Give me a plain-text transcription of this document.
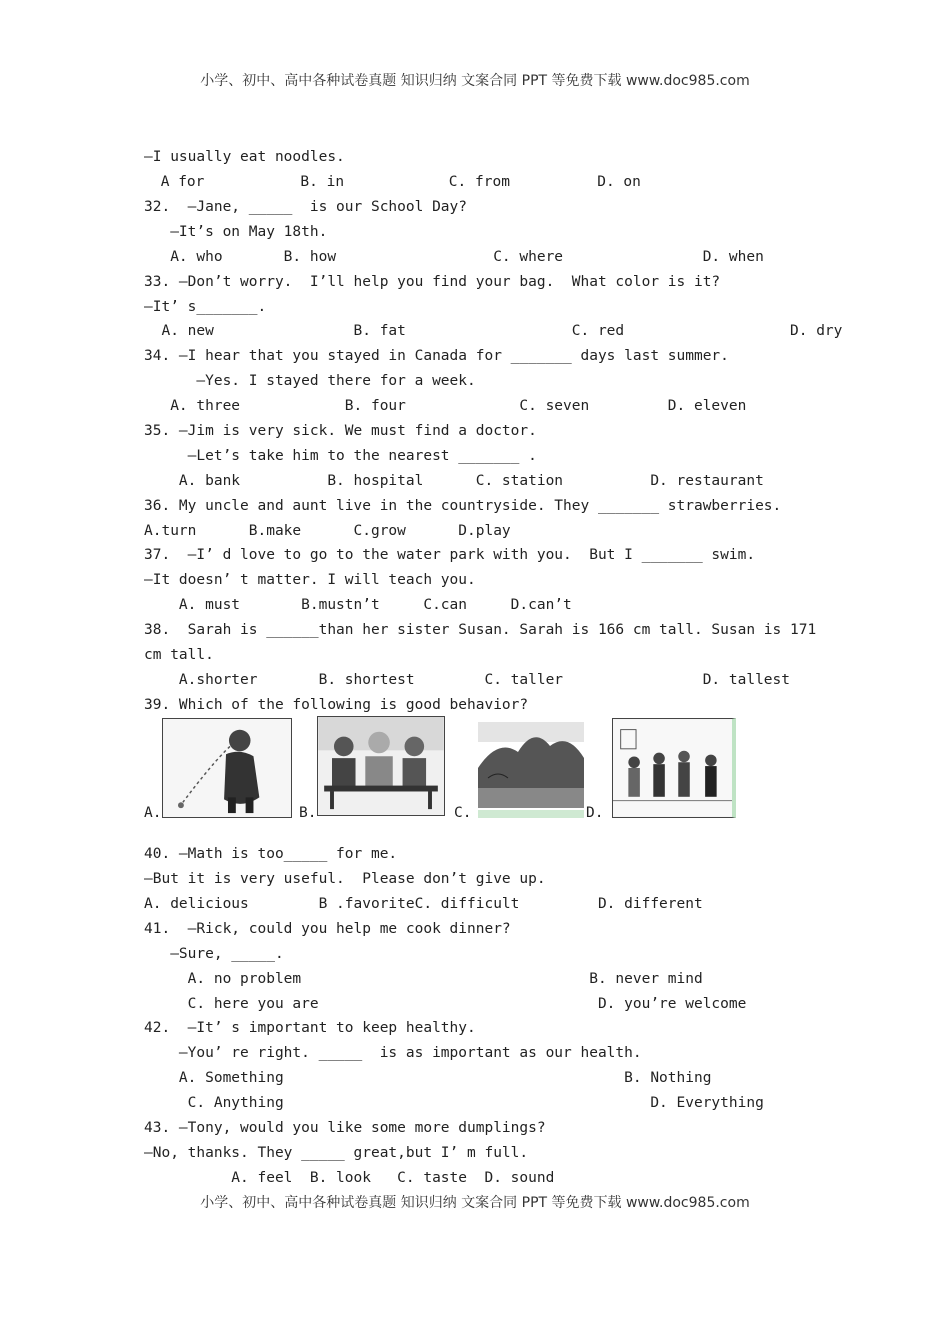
小学、初中、高中各种试卷真题 知识归纳 文案合同 PPT 等免费下载 www.doc985.com
—I usually eat noodles.
A for           B. in            C. from          D. on
32.  —Jane, _____  is our School Day?
—It’s on May 18th.
A. who       B. how                  C. where                D. when
33. —Don’t worry.  I’ll help you find your bag.  What color is it?
—It’ s_______.
A. new                B. fat                   C. red                   D. dry
34. —I hear that you stayed in Canada for _______ days last summer.
—Yes. I stayed there for a week.
A. three            B. four             C. seven         D. eleven
35. —Jim is very sick. We must find a doctor.
—Let’s take him to the nearest _______ .
A. bank          B. hospital      C. station          D. restaurant
36. My uncle and aunt live in the countryside. They _______ strawberries.
A.turn      B.make      C.grow      D.play
37.  —I’ d love to go to the water park with you.  But I _______ swim.
—It doesn’ t matter. I will teach you.
A. must       B.mustn’t     C.can     D.can’t
38.  Sarah is ______than her sister Susan. Sarah is 166 cm tall. Susan is 171
cm tall.
A.shorter       B. shortest        C. taller                D. tallest
39. Which of the following is good behavior?
A.	B.	C.	D.
40. —Math is too_____ for me.
—But it is very useful.  Please don’t give up.
A. delicious        B .favoriteC. difficult         D. different
41.  —Rick, could you help me cook dinner?
—Sure, _____.
A. no problem                                 B. never mind
C. here you are                                D. you’re welcome
42.  —It’ s important to keep healthy.
—You’ re right. _____  is as important as our health.
A. Something                                       B. Nothing
C. Anything                                          D. Everything
43. —Tony, would you like some more dumplings?
—No, thanks. They _____ great,but I’ m full.
A. feel  B. look   C. taste  D. sound
小学、初中、高中各种试卷真题 知识归纳 文案合同 PPT 等免费下载 www.doc985.com
